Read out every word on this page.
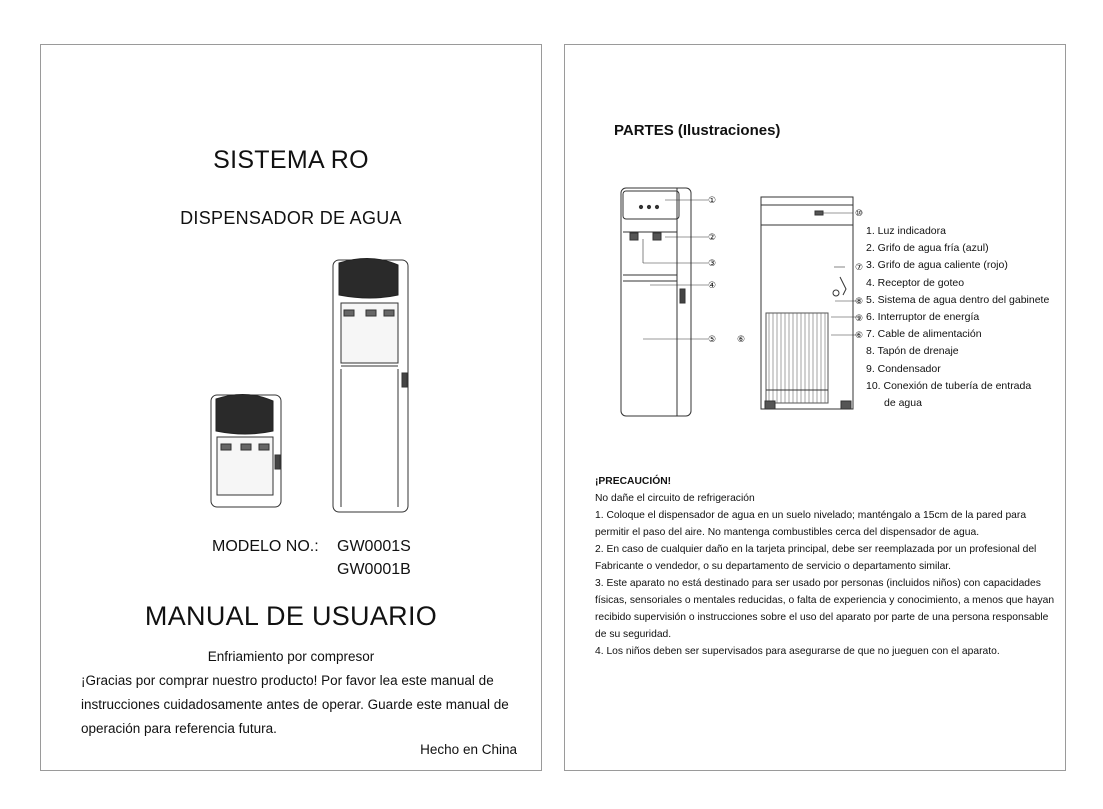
SISTEMA RO
DISPENSADOR DE AGUA
MODELO NO.: GW0001S
GW0001B
MANUAL DE USUARIO
Enfriamiento por compresor
¡Gracias por comprar nuestro producto! Por favor lea este manual de instrucciones cuidadosamente antes de operar. Guarde este manual de operación para referencia futura.
Hecho en China
PARTES (Ilustraciones)
①
②
③
④
⑤ ⑥
⑩
⑦
⑧
⑨
⑥
1. Luz indicadora
2. Grifo de agua fría (azul)
3. Grifo de agua caliente (rojo)
4. Receptor de goteo
5. Sistema de agua dentro del gabinete
6. Interruptor de energía
7. Cable de alimentación
8. Tapón de drenaje
9. Condensador
10. Conexión de tubería de entrada
de agua
¡PRECAUCIÓN!
No dañe el circuito de refrigeración
1. Coloque el dispensador de agua en un suelo nivelado; manténgalo a 15cm de la pared para permitir el paso del aire. No mantenga combustibles cerca del dispensador de agua.
2. En caso de cualquier daño en la tarjeta principal, debe ser reemplazada por un profesional del Fabricante o vendedor, o su departamento de servicio o departamento similar.
3. Este aparato no está destinado para ser usado por personas (incluidos niños) con capacidades físicas, sensoriales o mentales reducidas, o falta de experiencia y conocimiento, a menos que hayan recibido supervisión o instrucciones sobre el uso del aparato por parte de una persona responsable de su seguridad.
4. Los niños deben ser supervisados para asegurarse de que no jueguen con el aparato.
